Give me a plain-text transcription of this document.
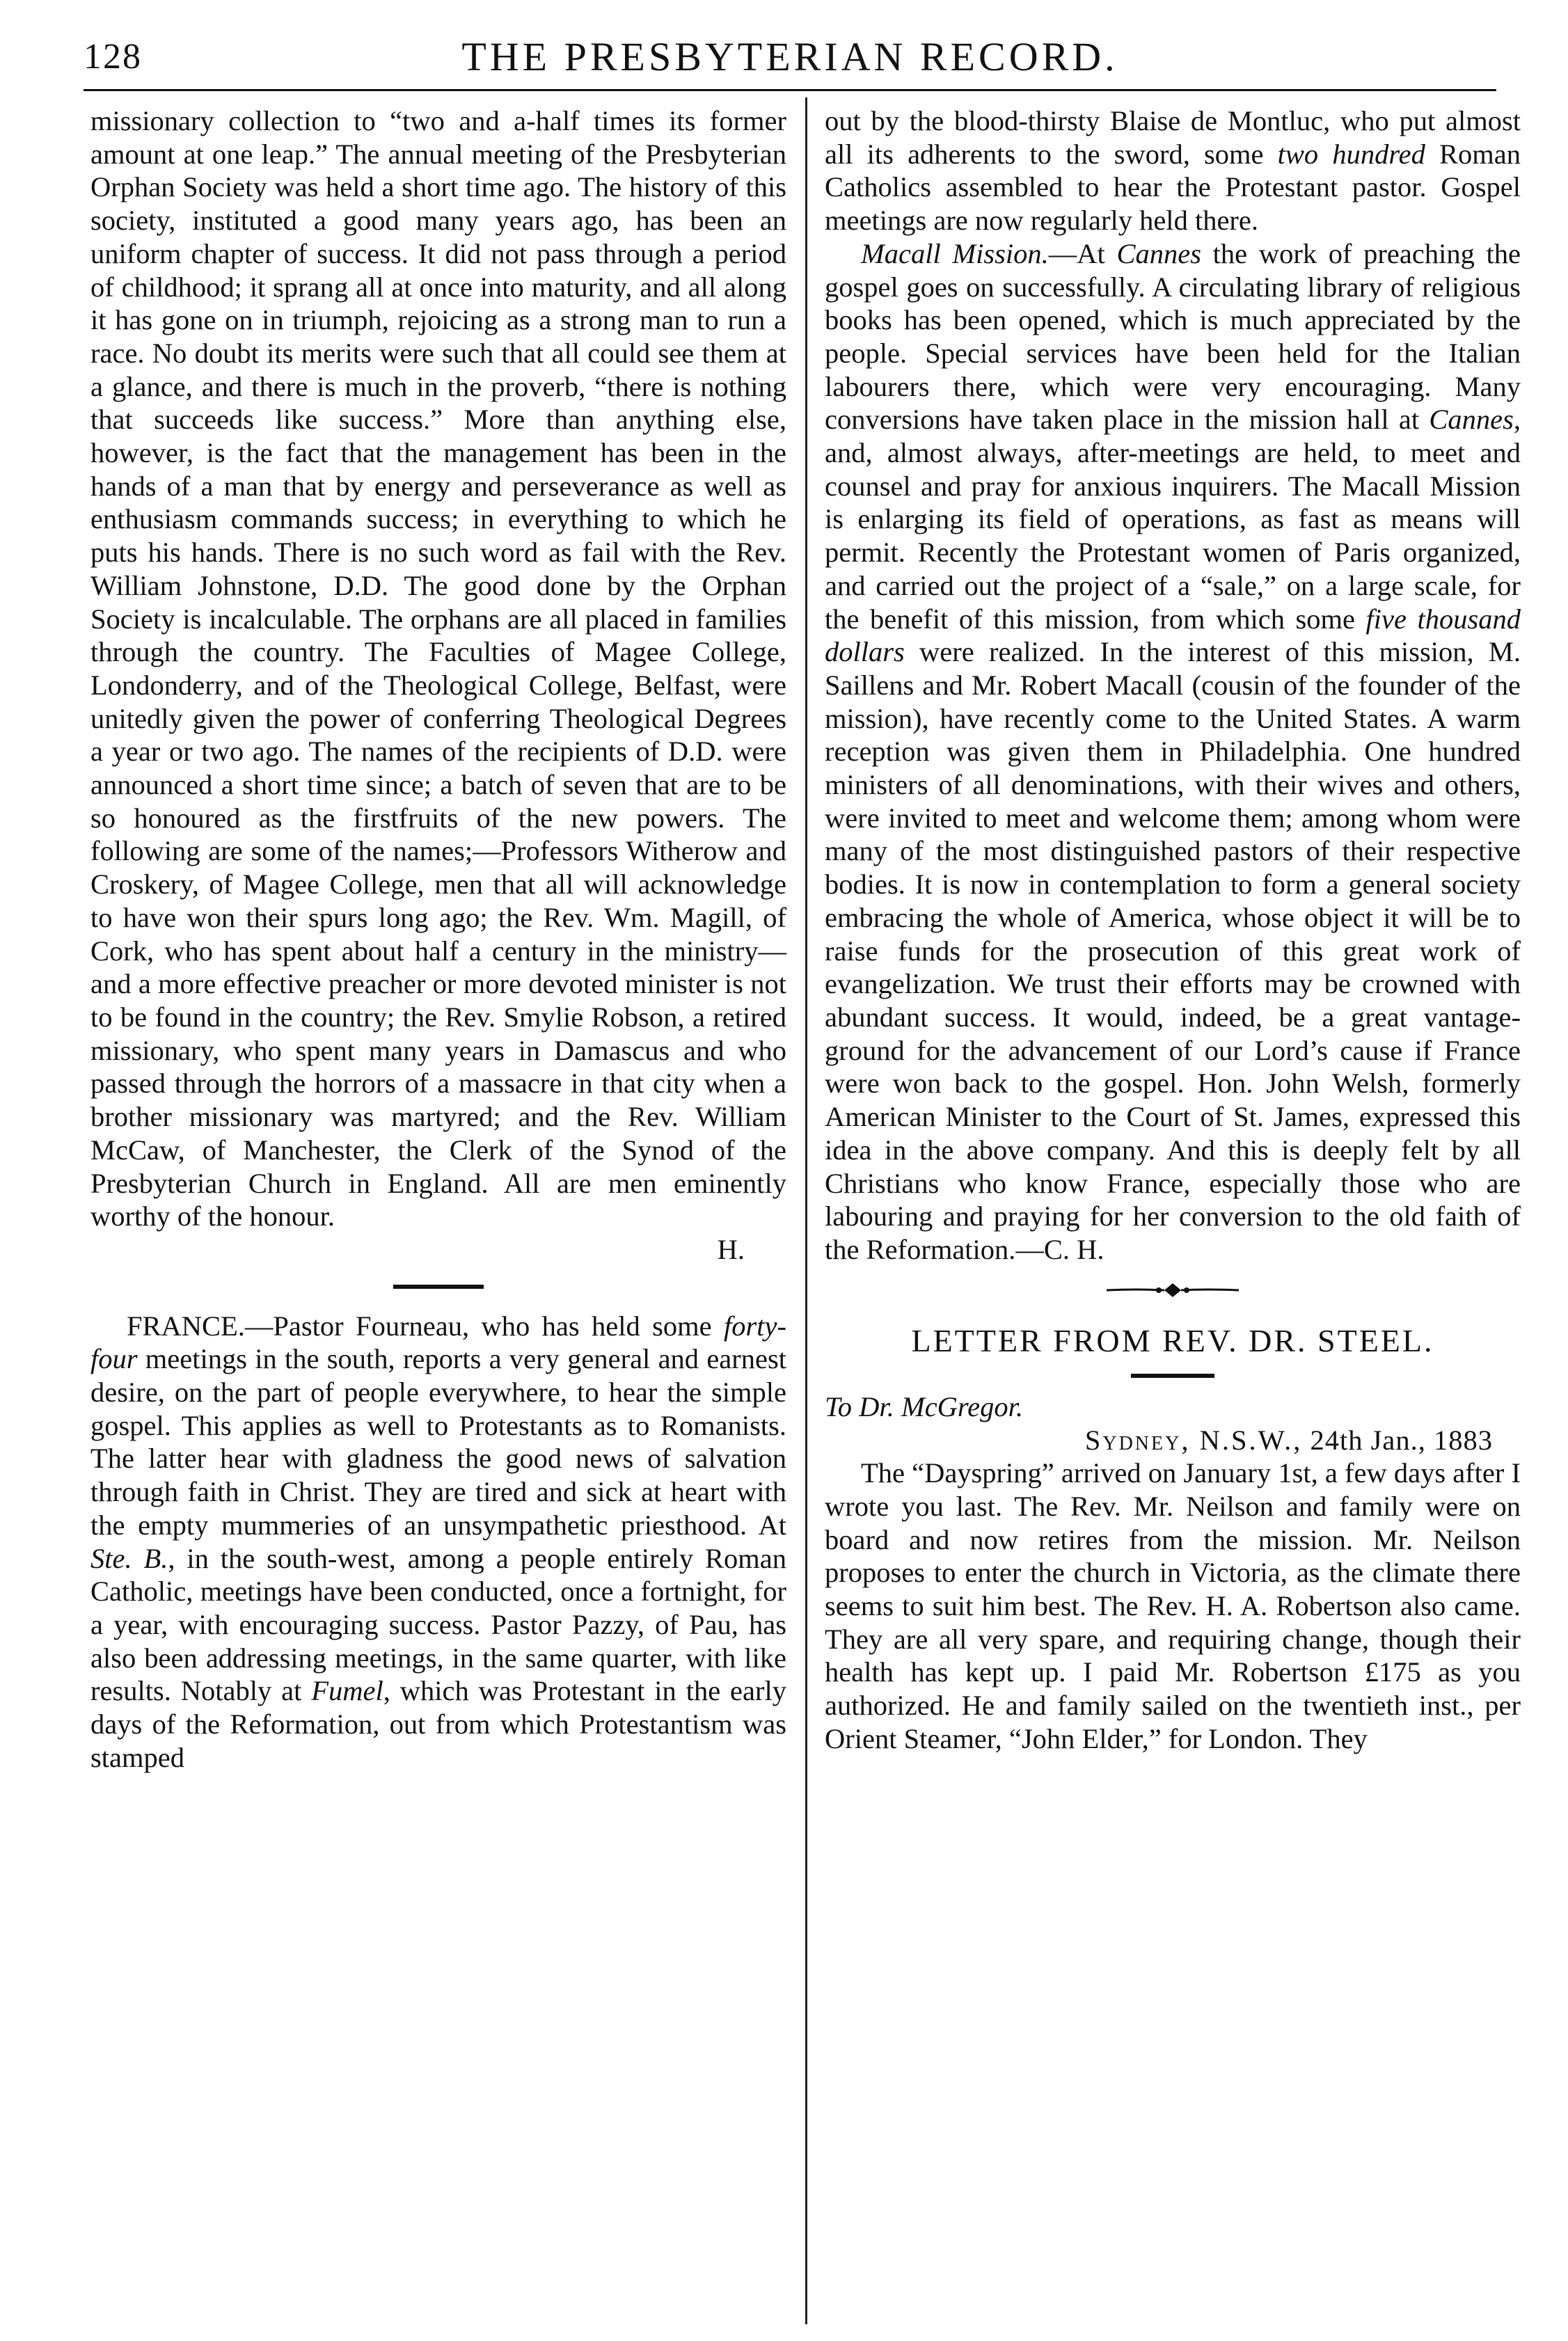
128	THE PRESBYTERIAN RECORD.

missionary collection to “two and a-half times its former amount at one leap.” The annual meeting of the Presbyterian Orphan Society was held a short time ago. The history of this society, instituted a good many years ago, has been an uniform chapter of success. It did not pass through a period of childhood; it sprang all at once into maturity, and all along it has gone on in triumph, rejoicing as a strong man to run a race. No doubt its merits were such that all could see them at a glance, and there is much in the proverb, “there is nothing that succeeds like success.” More than anything else, however, is the fact that the management has been in the hands of a man that by energy and perseverance as well as enthusiasm commands success; in everything to which he puts his hands. There is no such word as fail with the Rev. William Johnstone, D.D. The good done by the Orphan Society is incalculable. The orphans are all placed in families through the country. The Faculties of Magee College, Londonderry, and of the Theological College, Belfast, were unitedly given the power of conferring Theological Degrees a year or two ago. The names of the recipients of D.D. were announced a short time since; a batch of seven that are to be so honoured as the firstfruits of the new powers. The following are some of the names;—Professors Witherow and Croskery, of Magee College, men that all will acknowledge to have won their spurs long ago; the Rev. Wm. Magill, of Cork, who has spent about half a century in the ministry—and a more effective preacher or more devoted minister is not to be found in the country; the Rev. Smylie Robson, a retired missionary, who spent many years in Damascus and who passed through the horrors of a massacre in that city when a brother missionary was martyred; and the Rev. William McCaw, of Manchester, the Clerk of the Synod of the Presbyterian Church in England. All are men eminently worthy of the honour.
H.

FRANCE.—Pastor Fourneau, who has held some forty-four meetings in the south, reports a very general and earnest desire, on the part of people everywhere, to hear the simple gospel. This applies as well to Protestants as to Romanists. The latter hear with gladness the good news of salvation through faith in Christ. They are tired and sick at heart with the empty mummeries of an unsympathetic priesthood. At Ste. B., in the south-west, among a people entirely Roman Catholic, meetings have been conducted, once a fortnight, for a year, with encouraging success. Pastor Pazzy, of Pau, has also been addressing meetings, in the same quarter, with like results. Notably at Fumel, which was Protestant in the early days of the Reformation, out from which Protestantism was stamped

out by the blood-thirsty Blaise de Montluc, who put almost all its adherents to the sword, some two hundred Roman Catholics assembled to hear the Protestant pastor. Gospel meetings are now regularly held there.

Macall Mission.—At Cannes the work of preaching the gospel goes on successfully. A circulating library of religious books has been opened, which is much appreciated by the people. Special services have been held for the Italian labourers there, which were very encouraging. Many conversions have taken place in the mission hall at Cannes, and, almost always, after-meetings are held, to meet and counsel and pray for anxious inquirers. The Macall Mission is enlarging its field of operations, as fast as means will permit. Recently the Protestant women of Paris organized, and carried out the project of a “sale,” on a large scale, for the benefit of this mission, from which some five thousand dollars were realized. In the interest of this mission, M. Saillens and Mr. Robert Macall (cousin of the founder of the mission), have recently come to the United States. A warm reception was given them in Philadelphia. One hundred ministers of all denominations, with their wives and others, were invited to meet and welcome them; among whom were many of the most distinguished pastors of their respective bodies. It is now in contemplation to form a general society embracing the whole of America, whose object it will be to raise funds for the prosecution of this great work of evangelization. We trust their efforts may be crowned with abundant success. It would, indeed, be a great vantage-ground for the advancement of our Lord’s cause if France were won back to the gospel. Hon. John Welsh, formerly American Minister to the Court of St. James, expressed this idea in the above company. And this is deeply felt by all Christians who know France, especially those who are labouring and praying for her conversion to the old faith of the Reformation.—C. H.

LETTER FROM REV. DR. STEEL.

To Dr. McGregor.

Sydney, N.S.W., 24th Jan., 1883

The “Dayspring” arrived on January 1st, a few days after I wrote you last. The Rev. Mr. Neilson and family were on board and now retires from the mission. Mr. Neilson proposes to enter the church in Victoria, as the climate there seems to suit him best. The Rev. H. A. Robertson also came. They are all very spare, and requiring change, though their health has kept up. I paid Mr. Robertson £175 as you authorized. He and family sailed on the twentieth inst., per Orient Steamer, “John Elder,” for London. They
